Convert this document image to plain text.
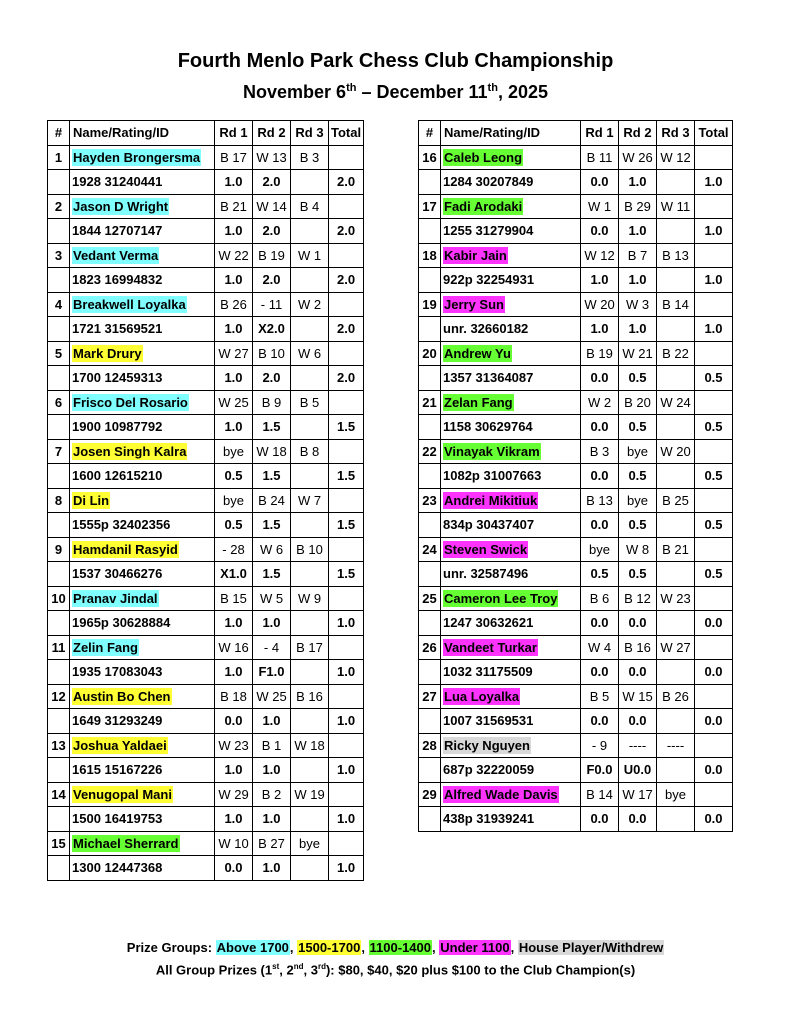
Fourth Menlo Park Chess Club Championship
November 6th – December 11th, 2025
#	Name/Rating/ID	Rd 1	Rd 2	Rd 3	Total
1	Hayden Brongersma	B 17	W 13	B 3	
	1928 31240441	1.0	2.0		2.0
2	Jason D Wright	B 21	W 14	B 4	
	1844 12707147	1.0	2.0		2.0
3	Vedant Verma	W 22	B 19	W 1	
	1823 16994832	1.0	2.0		2.0
4	Breakwell Loyalka	B 26	- 11	W 2	
	1721 31569521	1.0	X2.0		2.0
5	Mark Drury	W 27	B 10	W 6	
	1700 12459313	1.0	2.0		2.0
6	Frisco Del Rosario	W 25	B 9	B 5	
	1900 10987792	1.0	1.5		1.5
7	Josen Singh Kalra	bye	W 18	B 8	
	1600 12615210	0.5	1.5		1.5
8	Di Lin	bye	B 24	W 7	
	1555p 32402356	0.5	1.5		1.5
9	Hamdanil Rasyid	- 28	W 6	B 10	
	1537 30466276	X1.0	1.5		1.5
10	Pranav Jindal	B 15	W 5	W 9	
	1965p 30628884	1.0	1.0		1.0
11	Zelin Fang	W 16	- 4	B 17	
	1935 17083043	1.0	F1.0		1.0
12	Austin Bo Chen	B 18	W 25	B 16	
	1649 31293249	0.0	1.0		1.0
13	Joshua Yaldaei	W 23	B 1	W 18	
	1615 15167226	1.0	1.0		1.0
14	Venugopal Mani	W 29	B 2	W 19	
	1500 16419753	1.0	1.0		1.0
15	Michael Sherrard	W 10	B 27	bye	
	1300 12447368	0.0	1.0		1.0
#	Name/Rating/ID	Rd 1	Rd 2	Rd 3	Total
16	Caleb Leong	B 11	W 26	W 12	
	1284 30207849	0.0	1.0		1.0
17	Fadi Arodaki	W 1	B 29	W 11	
	1255 31279904	0.0	1.0		1.0
18	Kabir Jain	W 12	B 7	B 13	
	922p 32254931	1.0	1.0		1.0
19	Jerry Sun	W 20	W 3	B 14	
	unr. 32660182	1.0	1.0		1.0
20	Andrew Yu	B 19	W 21	B 22	
	1357 31364087	0.0	0.5		0.5
21	Zelan Fang	W 2	B 20	W 24	
	1158 30629764	0.0	0.5		0.5
22	Vinayak Vikram	B 3	bye	W 20	
	1082p 31007663	0.0	0.5		0.5
23	Andrei Mikitiuk	B 13	bye	B 25	
	834p 30437407	0.0	0.5		0.5
24	Steven Swick	bye	W 8	B 21	
	unr. 32587496	0.5	0.5		0.5
25	Cameron Lee Troy	B 6	B 12	W 23	
	1247 30632621	0.0	0.0		0.0
26	Vandeet Turkar	W 4	B 16	W 27	
	1032 31175509	0.0	0.0		0.0
27	Lua Loyalka	B 5	W 15	B 26	
	1007 31569531	0.0	0.0		0.0
28	Ricky Nguyen	- 9	----	----	
	687p 32220059	F0.0	U0.0		0.0
29	Alfred Wade Davis	B 14	W 17	bye	
	438p 31939241	0.0	0.0		0.0
Prize Groups: Above 1700, 1500-1700, 1100-1400, Under 1100, House Player/Withdrew
All Group Prizes (1st, 2nd, 3rd): $80, $40, $20 plus $100 to the Club Champion(s)
